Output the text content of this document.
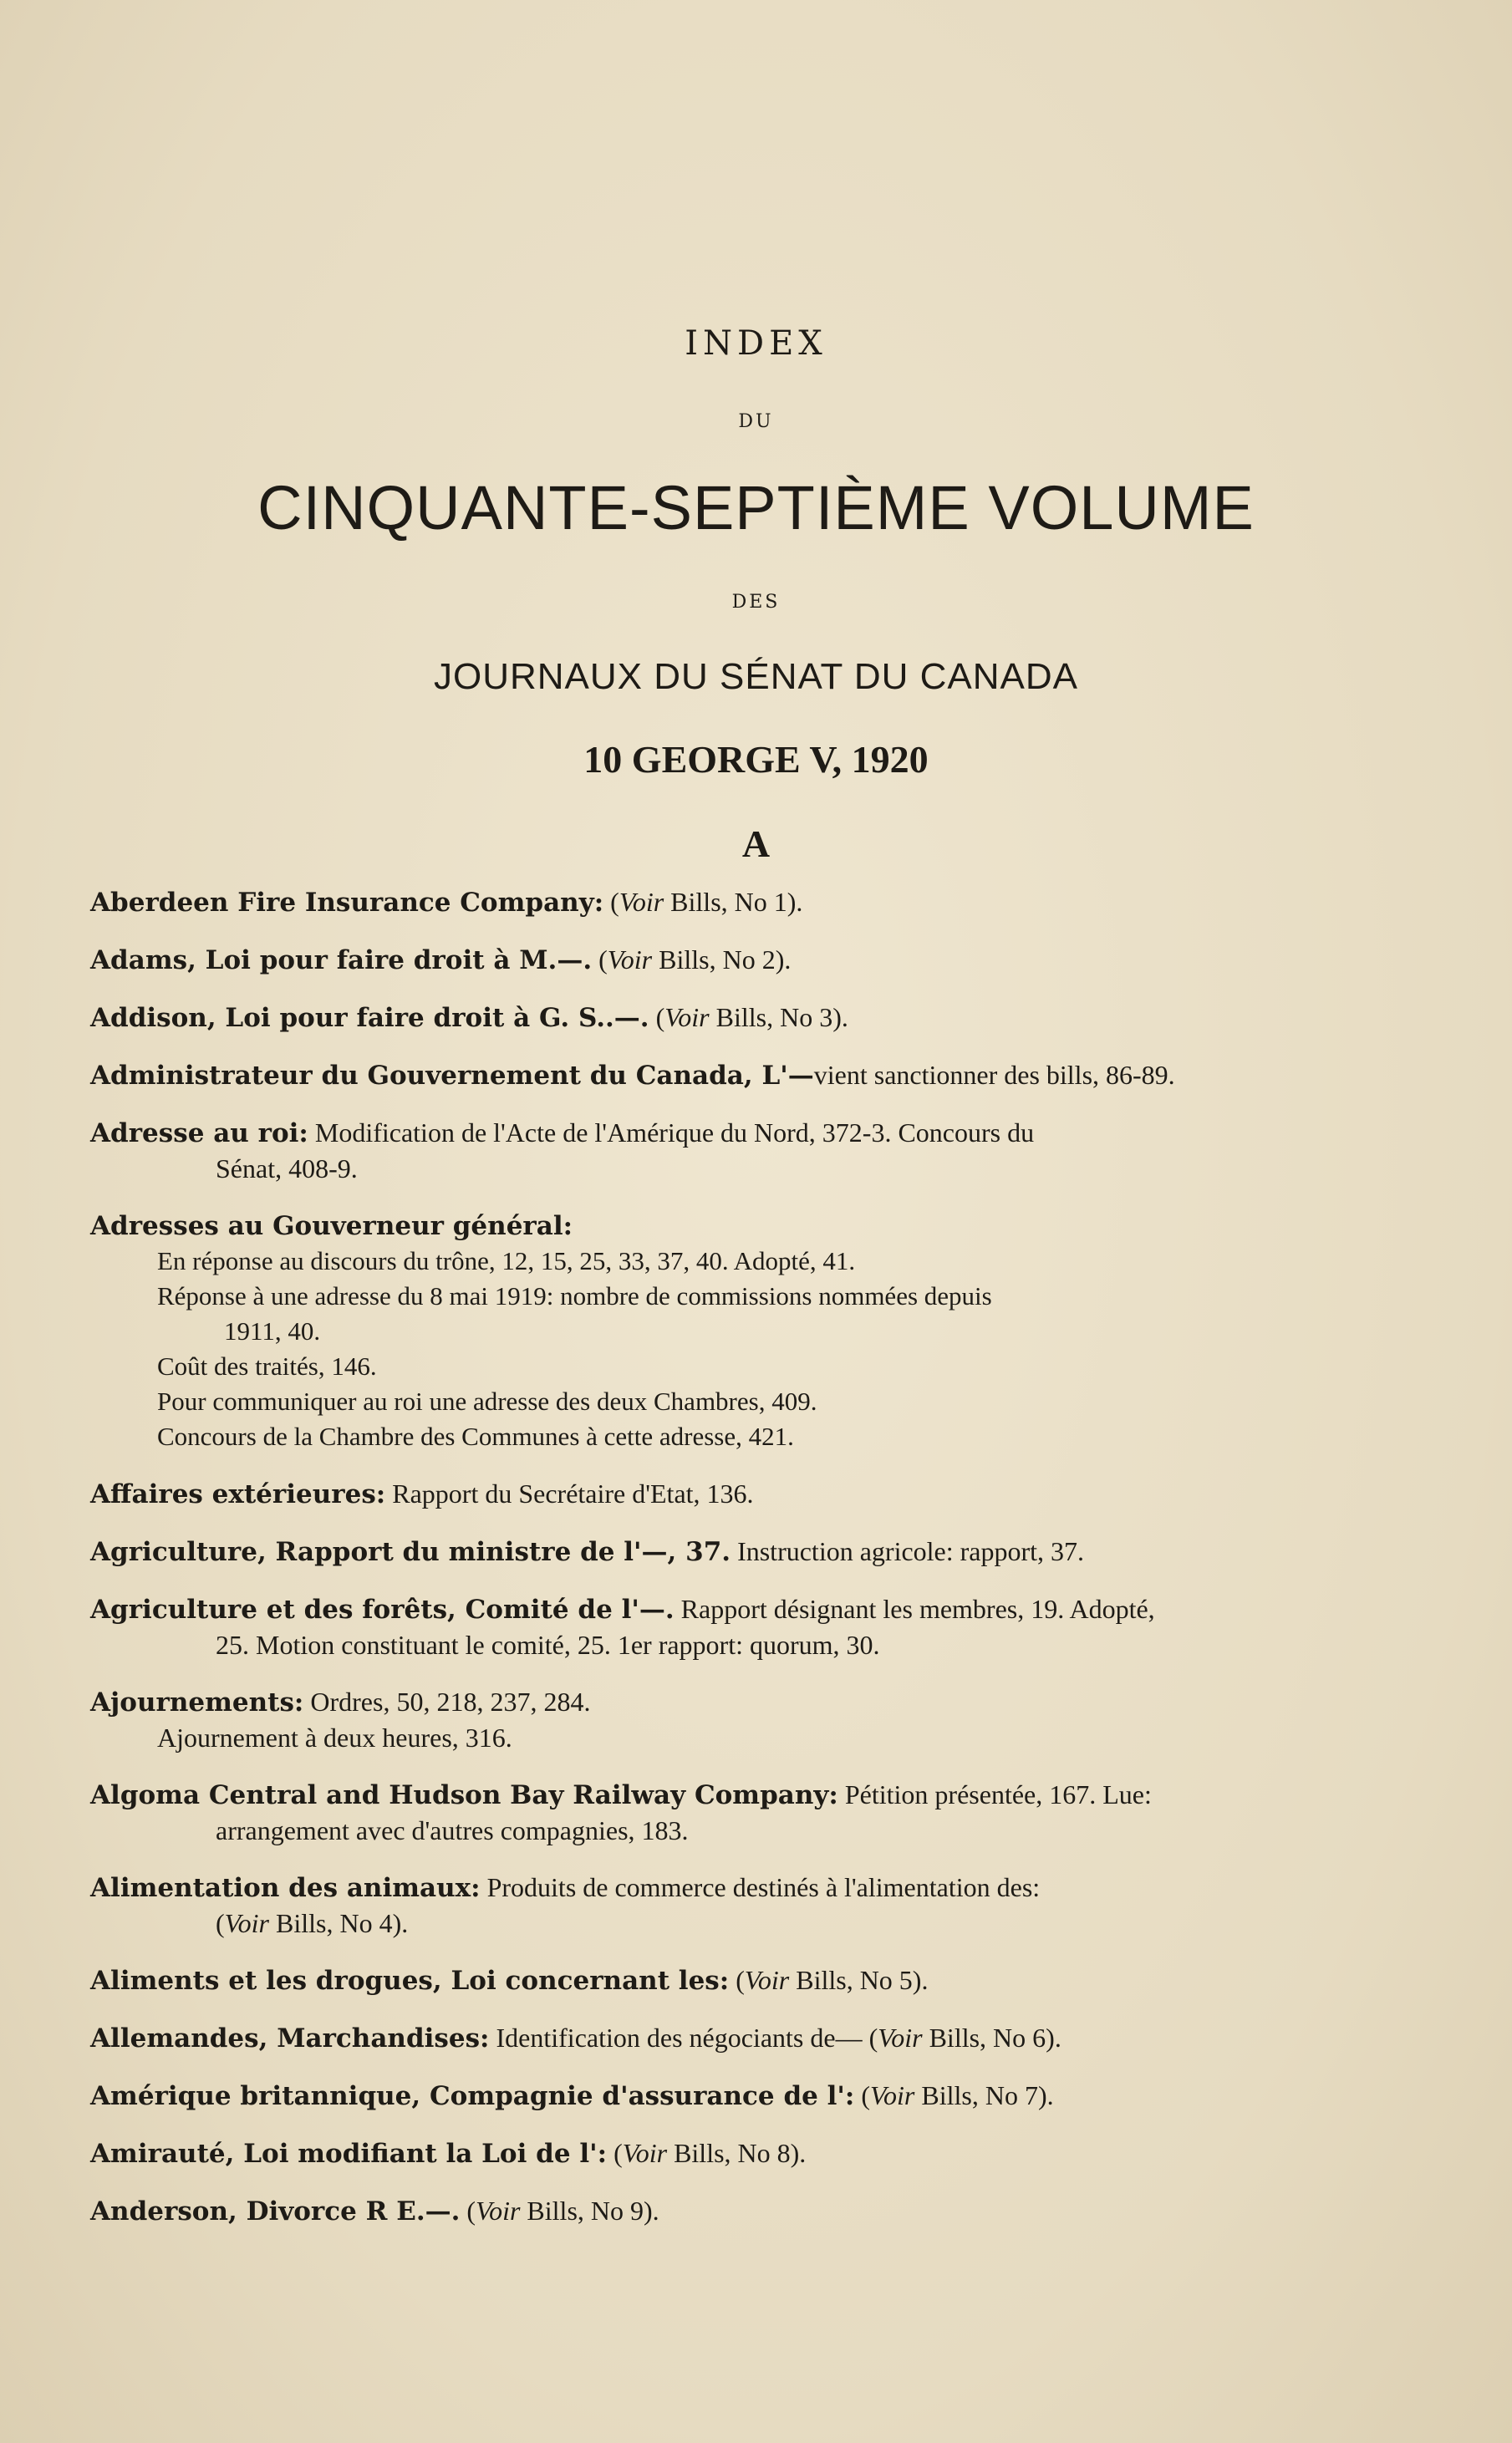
INDEX
DU
CINQUANTE-SEPTIÈME VOLUME
DES
JOURNAUX DU SÉNAT DU CANADA
10 GEORGE V, 1920
A
Aberdeen Fire Insurance Company: (Voir Bills, No 1).
Adams, Loi pour faire droit à M.—. (Voir Bills, No 2).
Addison, Loi pour faire droit à G. S..—. (Voir Bills, No 3).
Administrateur du Gouvernement du Canada, L'—vient sanctionner des bills, 86-89.
Adresse au roi: Modification de l'Acte de l'Amérique du Nord, 372-3. Concours du
Sénat, 408-9.
Adresses au Gouverneur général:
En réponse au discours du trône, 12, 15, 25, 33, 37, 40. Adopté, 41.
Réponse à une adresse du 8 mai 1919: nombre de commissions nommées depuis
1911, 40.
Coût des traités, 146.
Pour communiquer au roi une adresse des deux Chambres, 409.
Concours de la Chambre des Communes à cette adresse, 421.
Affaires extérieures: Rapport du Secrétaire d'Etat, 136.
Agriculture, Rapport du ministre de l'—, 37. Instruction agricole: rapport, 37.
Agriculture et des forêts, Comité de l'—. Rapport désignant les membres, 19. Adopté,
25. Motion constituant le comité, 25. 1er rapport: quorum, 30.
Ajournements: Ordres, 50, 218, 237, 284.
Ajournement à deux heures, 316.
Algoma Central and Hudson Bay Railway Company: Pétition présentée, 167. Lue:
arrangement avec d'autres compagnies, 183.
Alimentation des animaux: Produits de commerce destinés à l'alimentation des:
(Voir Bills, No 4).
Aliments et les drogues, Loi concernant les: (Voir Bills, No 5).
Allemandes, Marchandises: Identification des négociants de— (Voir Bills, No 6).
Amérique britannique, Compagnie d'assurance de l': (Voir Bills, No 7).
Amirauté, Loi modifiant la Loi de l': (Voir Bills, No 8).
Anderson, Divorce R E.—. (Voir Bills, No 9).
